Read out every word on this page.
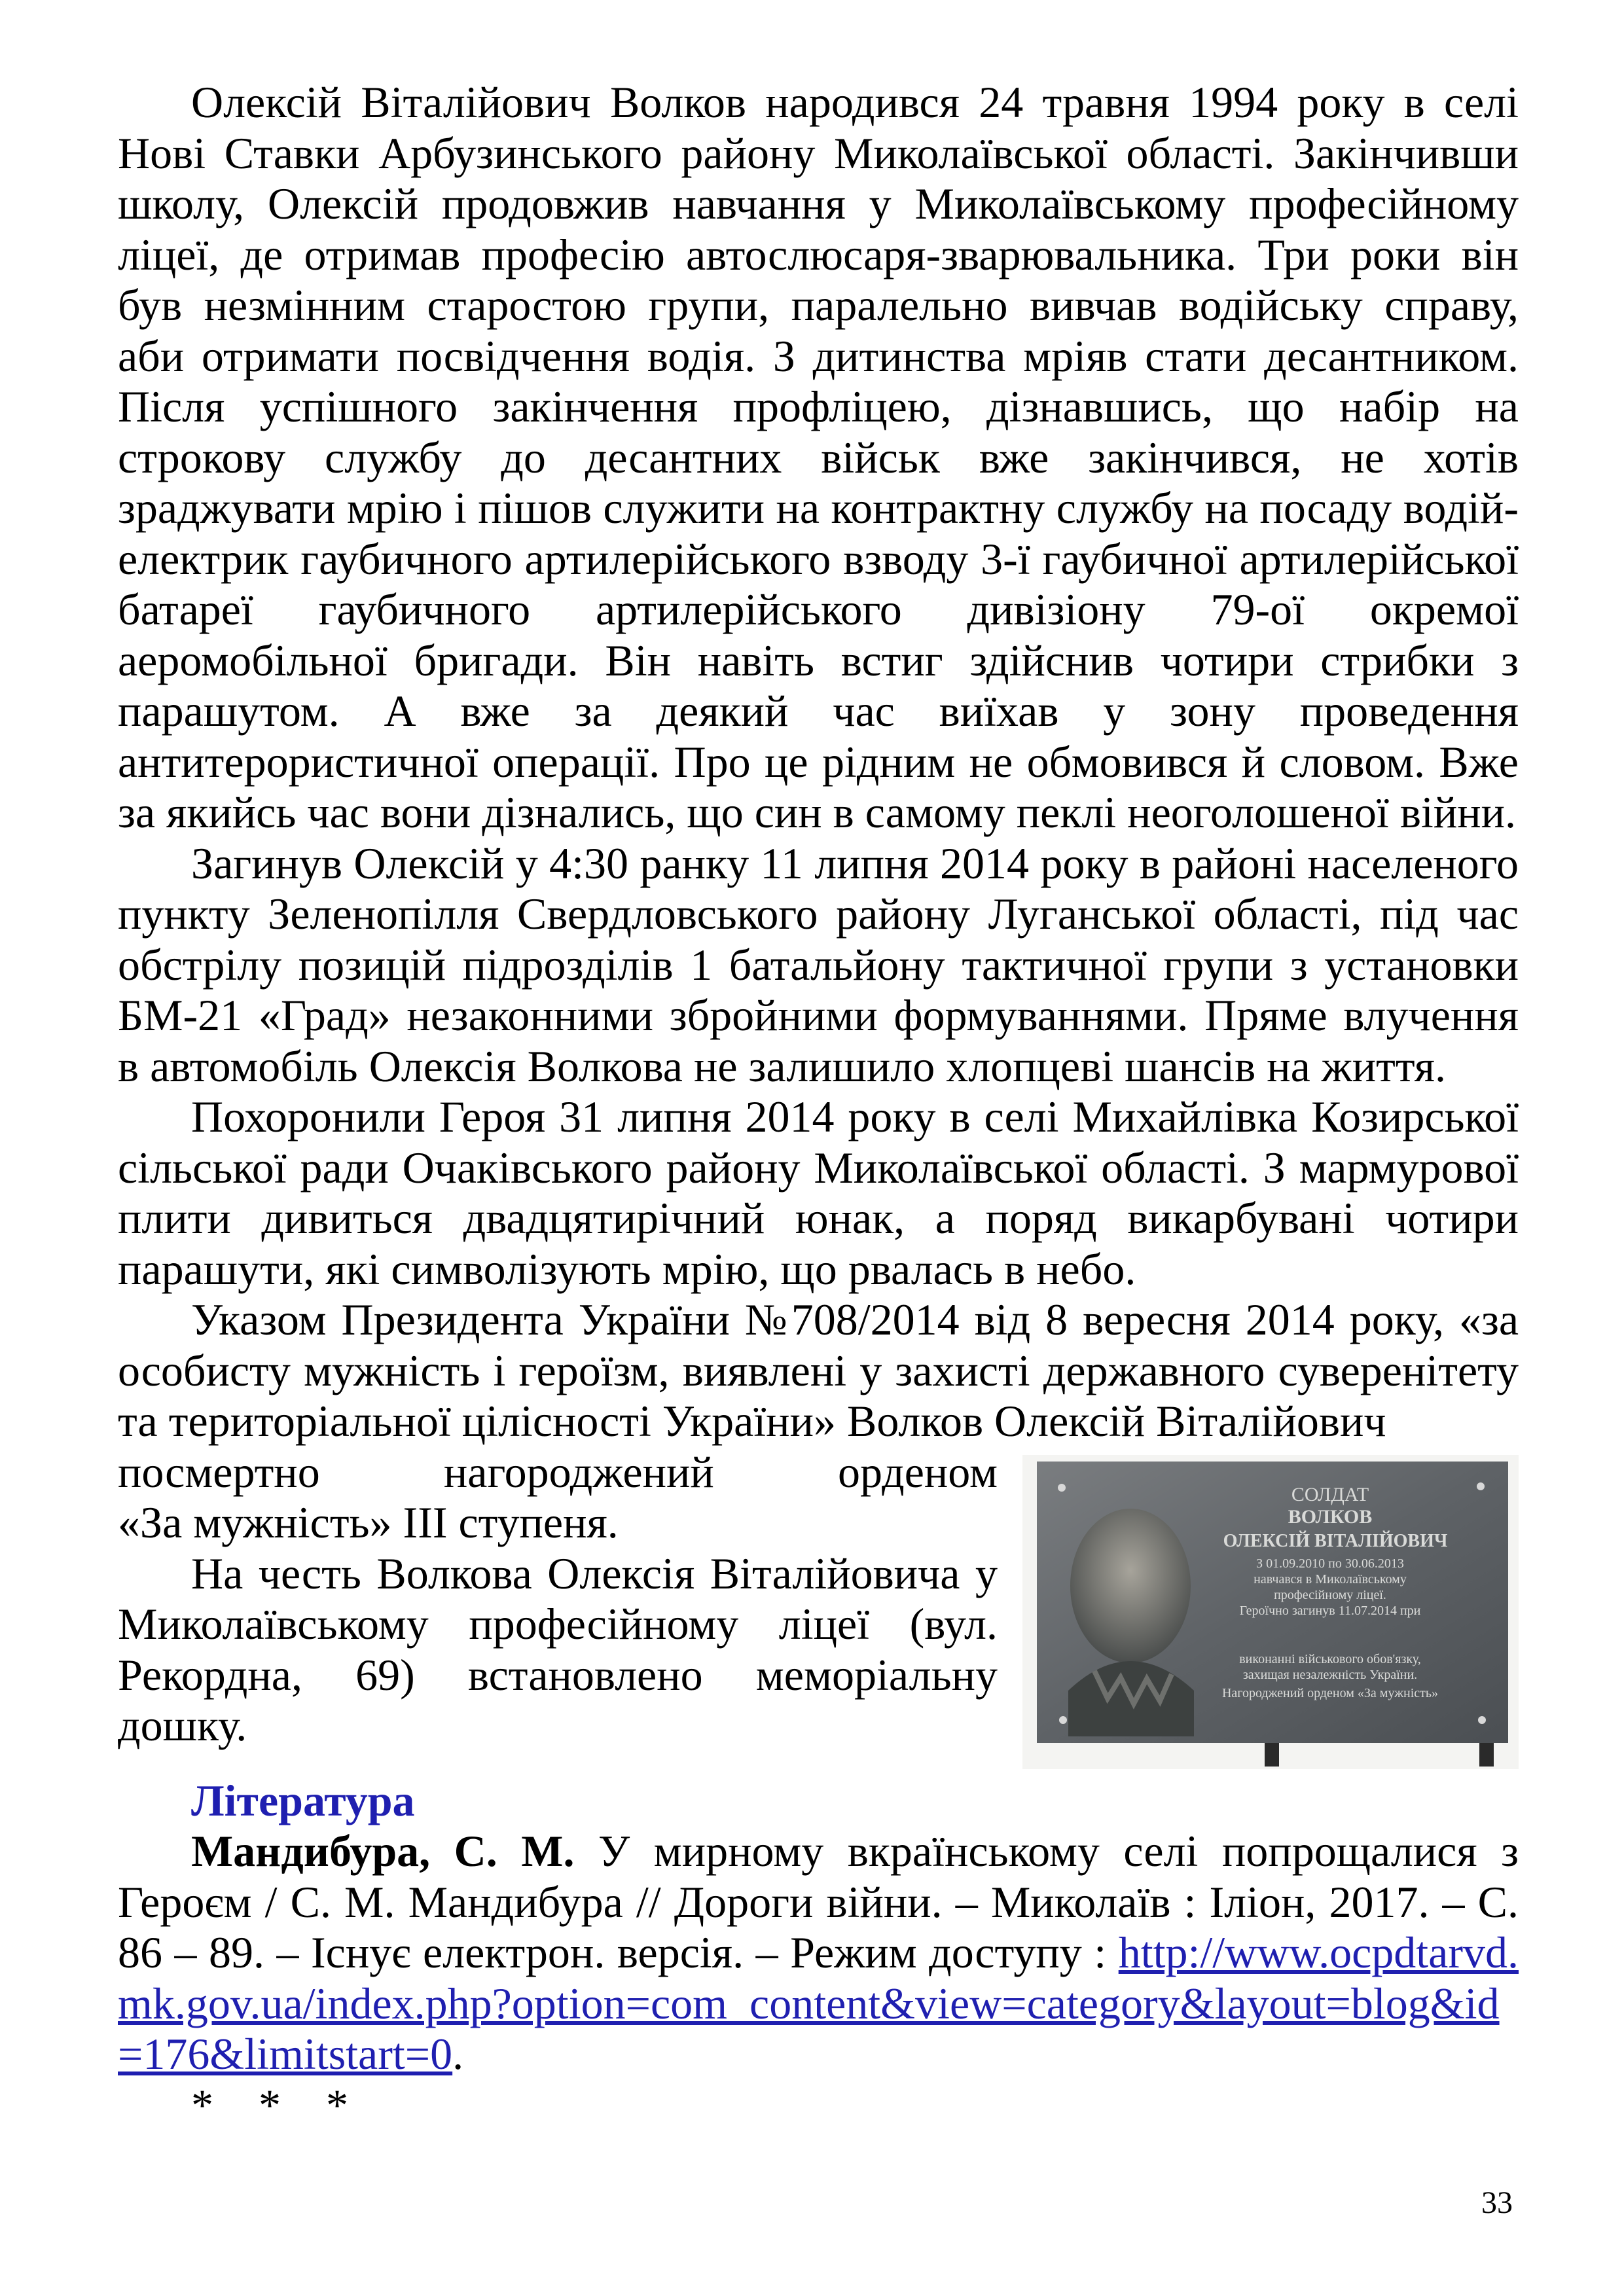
Олексій Віталійович Волков народився 24 травня 1994 року в селі Нові Ставки Арбузинського району Миколаївської області. Закінчивши школу, Олексій продовжив навчання у Миколаївському професійному ліцеї, де отримав професію автослюсаря-зварювальника. Три роки він був незмінним старостою групи, паралельно вивчав водійську справу, аби отримати посвідчення водія. З дитинства мріяв стати десантником. Після успішного закінчення профліцею, дізнавшись, що набір на строкову службу до десантних військ вже закінчився, не хотів зраджувати мрію і пішов служити на контрактну службу на посаду водій-електрик гаубичного артилерійського взводу 3-ї гаубичної артилерійської батареї гаубичного артилерійського дивізіону 79-ої окремої аеромобільної бригади. Він навіть встиг здійснив чотири стрибки з парашутом. А вже за деякий час виїхав у зону проведення антитерористичної операції. Про це рідним не обмовився й словом. Вже за якийсь час вони дізнались, що син в самому пеклі неоголошеної війни.

Загинув Олексій у 4:30 ранку 11 липня 2014 року в районі населеного пункту Зеленопілля Свердловського району Луганської області, під час обстрілу позицій підрозділів 1 батальйону тактичної групи з установки БМ-21 «Град» незаконними збройними формуваннями. Пряме влучення в автомобіль Олексія Волкова не залишило хлопцеві шансів на життя.

Похоронили Героя 31 липня 2014 року в селі Михайлівка Козирської сільської ради Очаківського району Миколаївської області. З мармурової плити дивиться двадцятирічний юнак, а поряд викарбувані чотири парашути, які символізують мрію, що рвалась в небо.

Указом Президента України №708/2014 від 8 вересня 2014 року, «за особисту мужність і героїзм, виявлені у захисті державного суверенітету та територіальної цілісності України» Волков Олексій Віталійович

СОЛДАТ
ВОЛКОВ
ОЛЕКСІЙ ВІТАЛІЙОВИЧ
З 01.09.2010 по 30.06.2013
навчався в Миколаївському
професійному ліцеї.
Героїчно загинув 11.07.2014 при
виконанні військового обов'язку,
захищая незалежність України.
Нагороджений орденом «За мужність»

посмертно нагороджений орденом

«За мужність» ІІІ ступеня.

На честь Волкова Олексія Віталійовича у Миколаївському професійному ліцеї (вул. Рекордна, 69) встановлено меморіальну дошку.

Література

Мандибура, С. М. У мирному вкраїнському селі попрощалися з Героєм / С. М. Мандибура // Дороги війни. – Миколаїв : Іліон, 2017. – С. 86 – 89. – Існує електрон. версія. – Режим доступу : http://www.ocpdtarvd.mk.gov.ua/index.php?option=com_content&view=category&layout=blog&id=176&limitstart=0.

* * *

33
